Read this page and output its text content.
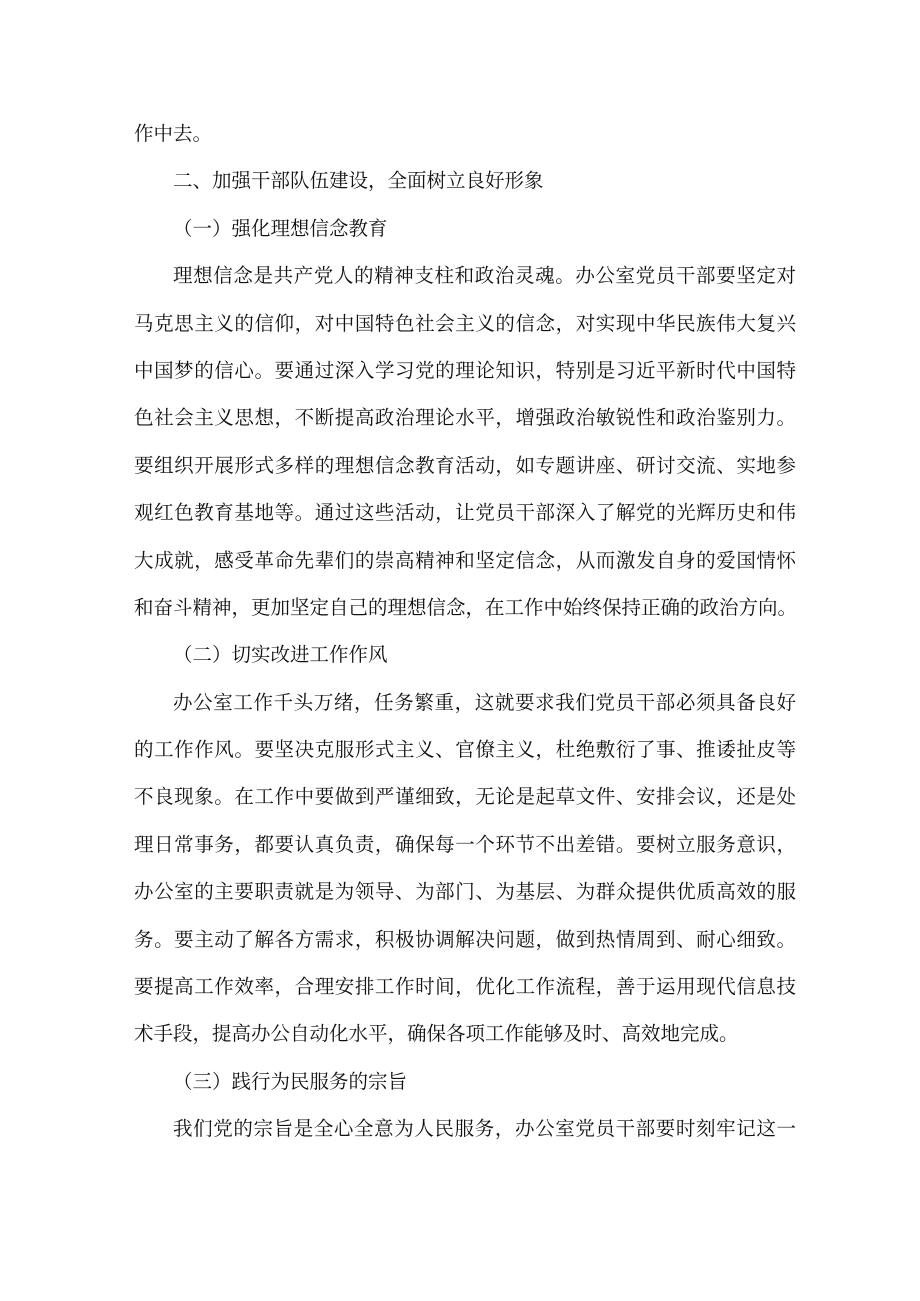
作中去。
二、加强干部队伍建设，全面树立良好形象
（一）强化理想信念教育
理想信念是共产党人的精神支柱和政治灵魂。办公室党员干部要坚定对
马克思主义的信仰，对中国特色社会主义的信念，对实现中华民族伟大复兴
中国梦的信心。要通过深入学习党的理论知识，特别是习近平新时代中国特
色社会主义思想，不断提高政治理论水平，增强政治敏锐性和政治鉴别力。
要组织开展形式多样的理想信念教育活动，如专题讲座、研讨交流、实地参
观红色教育基地等。通过这些活动，让党员干部深入了解党的光辉历史和伟
大成就，感受革命先辈们的崇高精神和坚定信念，从而激发自身的爱国情怀
和奋斗精神，更加坚定自己的理想信念，在工作中始终保持正确的政治方向。
（二）切实改进工作作风
办公室工作千头万绪，任务繁重，这就要求我们党员干部必须具备良好
的工作作风。要坚决克服形式主义、官僚主义，杜绝敷衍了事、推诿扯皮等
不良现象。在工作中要做到严谨细致，无论是起草文件、安排会议，还是处
理日常事务，都要认真负责，确保每一个环节不出差错。要树立服务意识，
办公室的主要职责就是为领导、为部门、为基层、为群众提供优质高效的服
务。要主动了解各方需求，积极协调解决问题，做到热情周到、耐心细致。
要提高工作效率，合理安排工作时间，优化工作流程，善于运用现代信息技
术手段，提高办公自动化水平，确保各项工作能够及时、高效地完成。
（三）践行为民服务的宗旨
我们党的宗旨是全心全意为人民服务，办公室党员干部要时刻牢记这一
